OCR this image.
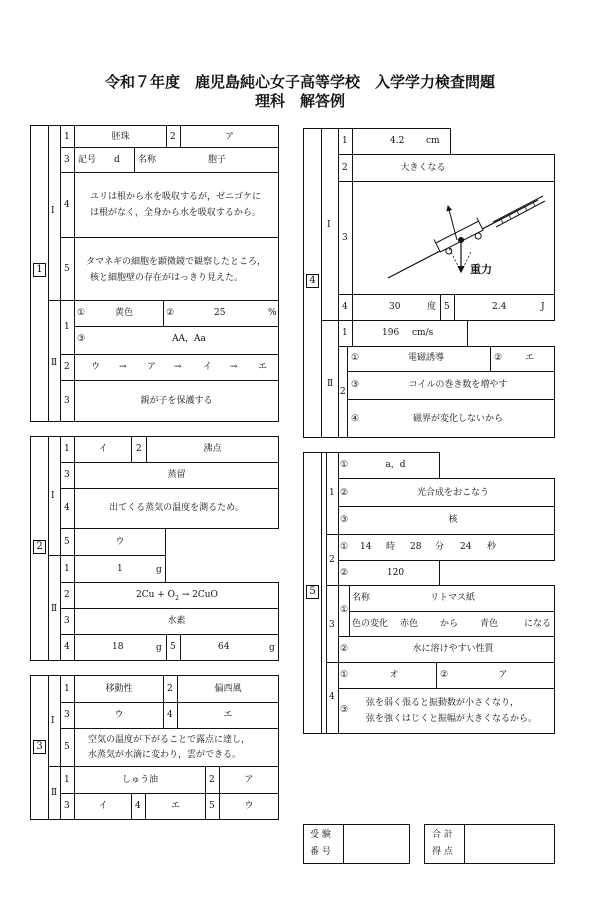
令和７年度　鹿児島純心女子高等学校　入学学力検査問題
理科　解答例
1
Ⅰ
1	胚珠	2	ア
3 記号 d 名称	胞子
4
ユリは根から水を吸収するが，ゼニゴケに
は根がなく，全身から水を吸収するから。
5
タマネギの細胞を顕微鏡で観察したところ，
核と細胞壁の存在がはっきり見えた。
Ⅱ
1
①	黄色	②	25	%
③	AA，Aa
2 ウ → ア → イ → エ
3	親が子を保護する
2
Ⅰ
Ⅱ
1	イ	2	沸点
3	蒸留
4	出てくる蒸気の温度を測るため。
5	ウ
1	1	g
2	$2Cu + O_2 \to 2CuO$
3	水素
4	18	g 5	64	g
3
Ⅰ
Ⅱ
1	移動性	2	偏西風
3	ウ	4	エ
5
空気の温度が下がることで露点に達し，
水蒸気が水滴に変わり，雲ができる。
1	しゅう油	2	ア
3	イ	4	エ	5	ウ
4
Ⅰ
Ⅱ
1	4.2 cm
2	大きくなる
3
重力
4	30	度 5	2.4	J
1	196 cm/s
2
①	電磁誘導	②	エ
③	コイルの巻き数を増やす
④	磁界が変化しないから
5
1
①	a，d
②	光合成をおこなう
③	核
2
① 14 時 28 分 24 秒
②	120
3
①
名称	リトマス紙
色の変化 赤色 から 青色	になる
②	水に溶けやすい性質
4
①	オ	②	ア
③
弦を弱く張ると振動数が小さくなり，
弦を強くはじくと振幅が大きくなるから。
受 験
番 号
合 計
得 点
